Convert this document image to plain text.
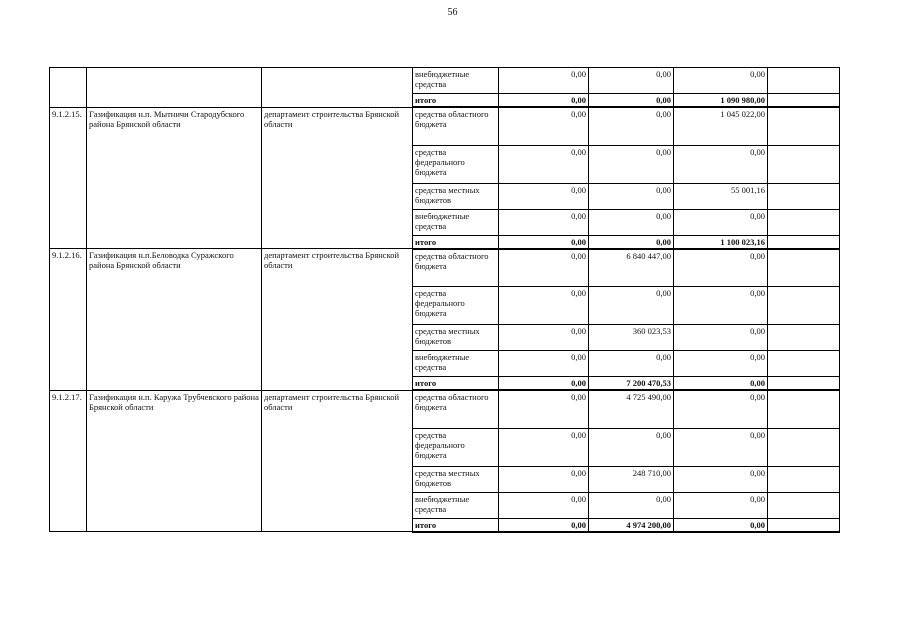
56
			внебюджетные средства	0,00	0,00	0,00	
			итого	0,00	0,00	1 090 980,00	
9.1.2.15.	Газификация н.п. Мытничи Стародубского района Брянской области	департамент строительства Брянской области	средства областного бюджета	0,00	0,00	1 045 022,00	
			средства федерального бюджета	0,00	0,00	0,00	
			средства местных бюджетов	0,00	0,00	55 001,16	
			внебюджетные средства	0,00	0,00	0,00	
			итого	0,00	0,00	1 100 023,16	
9.1.2.16.	Газификация н.п.Беловодка Суражского района Брянской области	департамент строительства Брянской области	средства областного бюджета	0,00	6 840 447,00	0,00	
			средства федерального бюджета	0,00	0,00	0,00	
			средства местных бюджетов	0,00	360 023,53	0,00	
			внебюджетные средства	0,00	0,00	0,00	
			итого	0,00	7 200 470,53	0,00	
9.1.2.17.	Газификация н.п. Каружа Трубчевского района Брянской области	департамент строительства Брянской области	средства областного бюджета	0,00	4 725 490,00	0,00	
			средства федерального бюджета	0,00	0,00	0,00	
			средства местных бюджетов	0,00	248 710,00	0,00	
			внебюджетные средства	0,00	0,00	0,00	
			итого	0,00	4 974 200,00	0,00	
